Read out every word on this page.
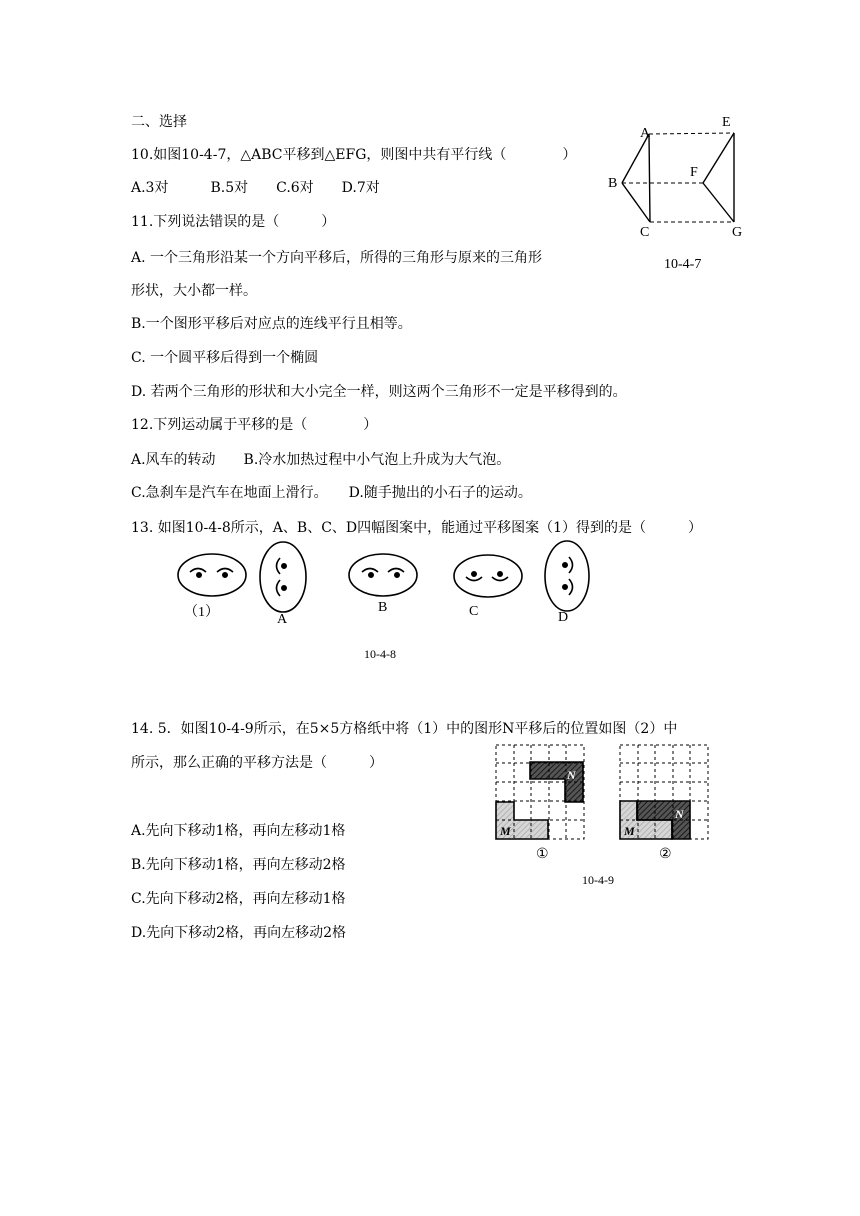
二、选择
10.如图10-4-7，△ABC平移到△EFG，则图中共有平行线（　　　　）
A.3对　　　B.5对　　C.6对　　D.7对
A
E
B
F
C	G
10-4-7
11.下列说法错误的是（　　　）
A. 一个三角形沿某一个方向平移后，所得的三角形与原来的三角形
形状，大小都一样。
B.一个图形平移后对应点的连线平行且相等。
C. 一个圆平移后得到一个椭圆
D. 若两个三角形的形状和大小完全一样，则这两个三角形不一定是平移得到的。
12.下列运动属于平移的是（　　　　）
A.风车的转动　　B.冷水加热过程中小气泡上升成为大气泡。
C.急刹车是汽车在地面上滑行。　　D.随手抛出的小石子的运动。
13. 如图10-4-8所示，A、B、C、D四幅图案中，能通过平移图案（1）得到的是（　　　）
（1）	A
B	C	D
10-4-8
14. 5．如图10-4-9所示，在5×5方格纸中将（1）中的图形N平移后的位置如图（2）中
所示，那么正确的平移方法是（　　　）
A.先向下移动1格，再向左移动1格
B.先向下移动1格，再向左移动2格
C.先向下移动2格，再向左移动1格
D.先向下移动2格，再向左移动2格
N
M
N
M
①	②
10-4-9
